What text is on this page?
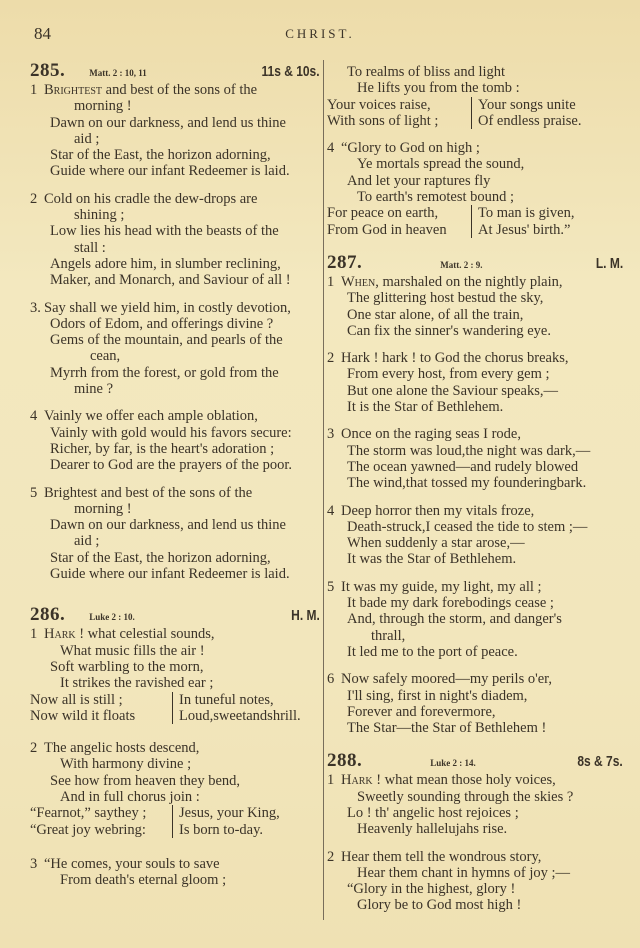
84	CHRIST.
285.	Matt. 2 : 10, 11	11s & 10s.
1 Brightest and best of the sons of the
morning !
Dawn on our darkness, and lend us thine
aid ;
Star of the East, the horizon adorning,
Guide where our infant Redeemer is laid.
2 Cold on his cradle the dew-drops are
shining ;
Low lies his head with the beasts of the
stall :
Angels adore him, in slumber reclining,
Maker, and Monarch, and Saviour of all !
3. Say shall we yield him, in costly devotion,
Odors of Edom, and offerings divine ?
Gems of the mountain, and pearls of the
cean,
Myrrh from the forest, or gold from the
mine ?
4 Vainly we offer each ample oblation,
Vainly with gold would his favors secure:
Richer, by far, is the heart's adoration ;
Dearer to God are the prayers of the poor.
5 Brightest and best of the sons of the
morning !
Dawn on our darkness, and lend us thine
aid ;
Star of the East, the horizon adorning,
Guide where our infant Redeemer is laid.
286.	Luke 2 : 10.	H. M.
1 Hark ! what celestial sounds,
What music fills the air !
Soft warbling to the morn,
It strikes the ravished ear ;
Now all is still ;	In tuneful notes,
Now wild it floats	Loud,sweetandshrill.
2 The angelic hosts descend,
With harmony divine ;
See how from heaven they bend,
And in full chorus join :
“Fearnot,” saythey ;	Jesus, your King,
“Great joy webring:	Is born to-day.
3 “He comes, your souls to save
From death's eternal gloom ;
To realms of bliss and light
He lifts you from the tomb :
Your voices raise,	Your songs unite
With sons of light ;	Of endless praise.
4 “Glory to God on high ;
Ye mortals spread the sound,
And let your raptures fly
To earth's remotest bound ;
For peace on earth,	To man is given,
From God in heaven	At Jesus' birth.”
287.	Matt. 2 : 9.	L. M.
1 When, marshaled on the nightly plain,
The glittering host bestud the sky,
One star alone, of all the train,
Can fix the sinner's wandering eye.
2 Hark ! hark ! to God the chorus breaks,
From every host, from every gem ;
But one alone the Saviour speaks,—
It is the Star of Bethlehem.
3 Once on the raging seas I rode,
The storm was loud,the night was dark,—
The ocean yawned—and rudely blowed
The wind,that tossed my founderingbark.
4 Deep horror then my vitals froze,
Death-struck,I ceased the tide to stem ;—
When suddenly a star arose,—
It was the Star of Bethlehem.
5 It was my guide, my light, my all ;
It bade my dark forebodings cease ;
And, through the storm, and danger's
thrall,
It led me to the port of peace.
6 Now safely moored—my perils o'er,
I'll sing, first in night's diadem,
Forever and forevermore,
The Star—the Star of Bethlehem !
288.	Luke 2 : 14.	8s & 7s.
1 Hark ! what mean those holy voices,
Sweetly sounding through the skies ?
Lo ! th' angelic host rejoices ;
Heavenly hallelujahs rise.
2 Hear them tell the wondrous story,
Hear them chant in hymns of joy ;—
“Glory in the highest, glory !
Glory be to God most high !
